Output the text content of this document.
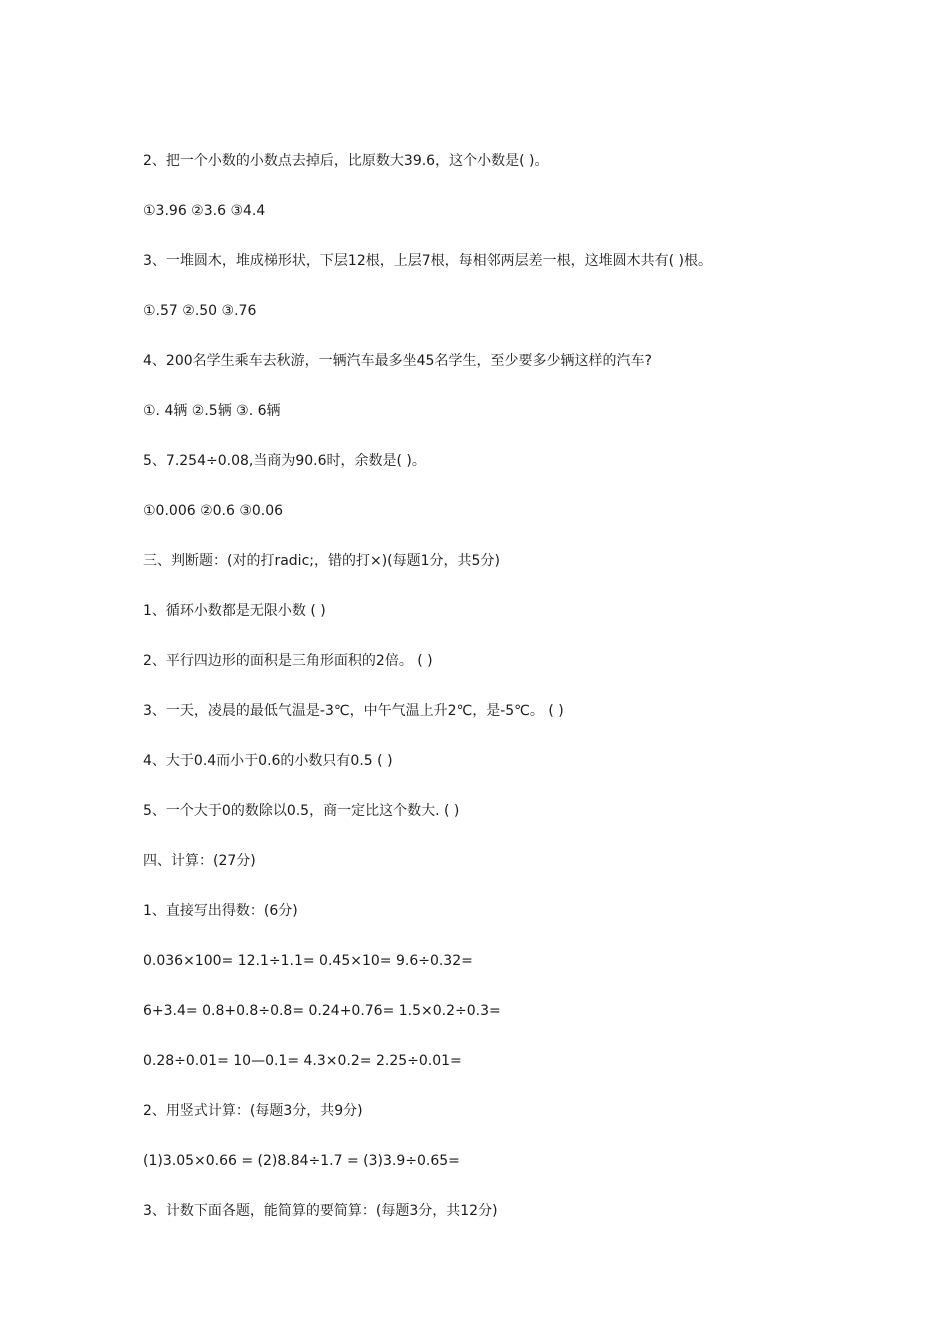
2、把一个小数的小数点去掉后，比原数大39.6，这个小数是( )。
①3.96 ②3.6 ③4.4
3、一堆圆木，堆成梯形状，下层12根，上层7根，每相邻两层差一根，这堆圆木共有( )根。
①.57 ②.50 ③.76
4、200名学生乘车去秋游，一辆汽车最多坐45名学生，至少要多少辆这样的汽车?
①. 4辆 ②.5辆 ③. 6辆
5、7.254÷0.08,当商为90.6时，余数是( )。
①0.006 ②0.6 ③0.06
三、判断题：(对的打radic;，错的打×)(每题1分，共5分)
1、循环小数都是无限小数 ( )
2、平行四边形的面积是三角形面积的2倍。 ( )
3、一天，凌晨的最低气温是-3℃，中午气温上升2℃，是-5℃。 ( )
4、大于0.4而小于0.6的小数只有0.5 ( )
5、一个大于0的数除以0.5，商一定比这个数大. ( )
四、计算：(27分)
1、直接写出得数：(6分)
0.036×100= 12.1÷1.1= 0.45×10= 9.6÷0.32=
6+3.4= 0.8+0.8÷0.8= 0.24+0.76= 1.5×0.2÷0.3=
0.28÷0.01= 10—0.1= 4.3×0.2= 2.25÷0.01=
2、用竖式计算：(每题3分，共9分)
(1)3.05×0.66 = (2)8.84÷1.7 = (3)3.9÷0.65=
3、计数下面各题，能简算的要简算：(每题3分，共12分)
